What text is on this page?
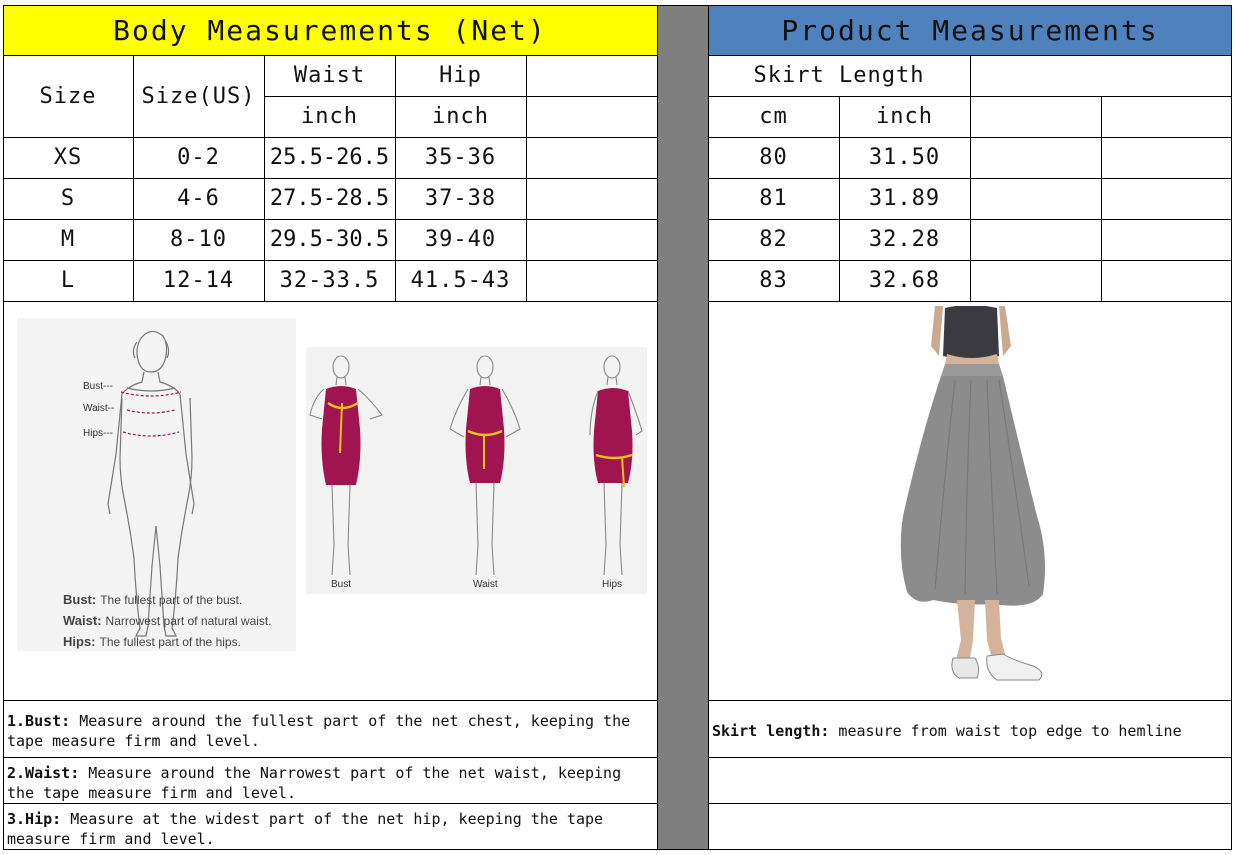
Body Measurements (Net)	Product Measurements
Size	Size(US)
Waist	Hip
inch	inch
XS	0-2	25.5-26.5	35-36
S	4-6	27.5-28.5	37-38
M	8-10	29.5-30.5	39-40
L	12-14	32-33.5	41.5-43
Skirt Length
cm	inch
80	31.50
81	31.89
82	32.28
83	32.68
Bust---
Waist--
Hips---
Bust: The fullest part of the bust.
Waist: Narrowest part of natural waist.
Hips: The fullest part of the hips.
Bust	Waist	Hips
1.Bust: Measure around the fullest part of the net chest, keeping the tape measure firm and level.
2.Waist: Measure around the Narrowest part of the net waist, keeping the tape measure firm and level.
3.Hip: Measure at the widest part of the net hip, keeping the tape measure firm and level.
Skirt length: measure from waist top edge to hemline
